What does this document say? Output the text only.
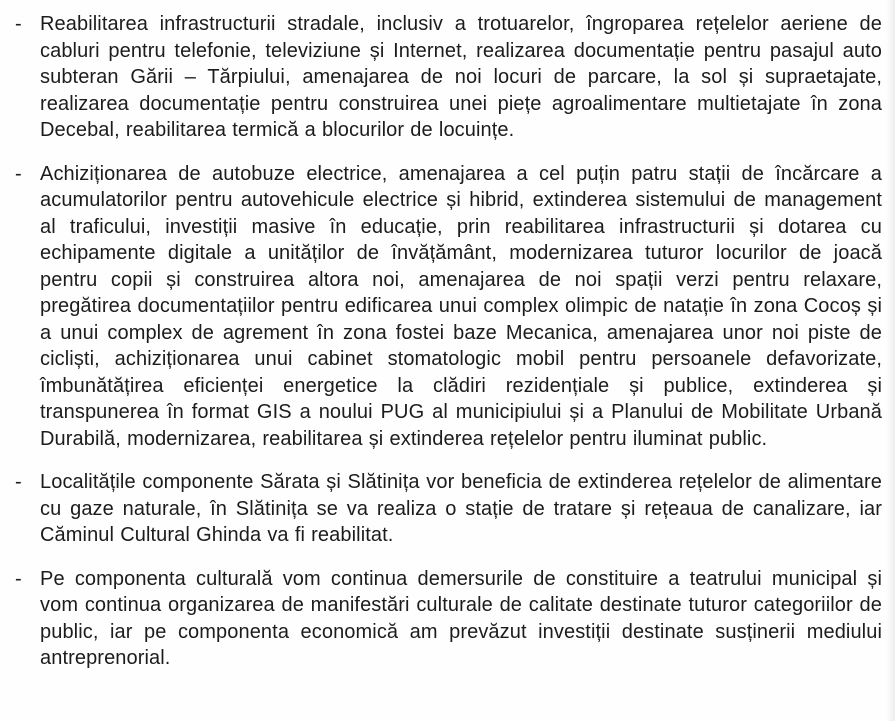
- Reabilitarea infrastructurii stradale, inclusiv a trotuarelor, îngroparea rețelelor aeriene de cabluri pentru telefonie, televiziune și Internet, realizarea documentație pentru pasajul auto subteran Gării – Tărpiului, amenajarea de noi locuri de parcare, la sol și supraetajate, realizarea documentație pentru construirea unei piețe agroalimentare multietajate în zona Decebal, reabilitarea termică a blocurilor de locuințe.

- Achiziționarea de autobuze electrice, amenajarea a cel puțin patru stații de încărcare a acumulatorilor pentru autovehicule electrice și hibrid, extinderea sistemului de management al traficului, investiții masive în educație, prin reabilitarea infrastructurii și dotarea cu echipamente digitale a unităților de învățământ, modernizarea tuturor locurilor de joacă pentru copii și construirea altora noi, amenajarea de noi spații verzi pentru relaxare, pregătirea documentațiilor pentru edificarea unui complex olimpic de natație în zona Cocoș și a unui complex de agrement în zona fostei baze Mecanica, amenajarea unor noi piste de cicliști, achiziționarea unui cabinet stomatologic mobil pentru persoanele defavorizate, îmbunătățirea eficienței energetice la clădiri rezidențiale și publice, extinderea și transpunerea în format GIS a noului PUG al municipiului și a Planului de Mobilitate Urbană Durabilă, modernizarea, reabilitarea și extinderea rețelelor pentru iluminat public.

- Localitățile componente Sărata și Slătinița vor beneficia de extinderea rețelelor de alimentare cu gaze naturale, în Slătinița se va realiza o stație de tratare și rețeaua de canalizare, iar Căminul Cultural Ghinda va fi reabilitat.

- Pe componenta culturală vom continua demersurile de constituire a teatrului municipal și vom continua organizarea de manifestări culturale de calitate destinate tuturor categoriilor de public, iar pe componenta economică am prevăzut investiții destinate susținerii mediului antreprenorial.
